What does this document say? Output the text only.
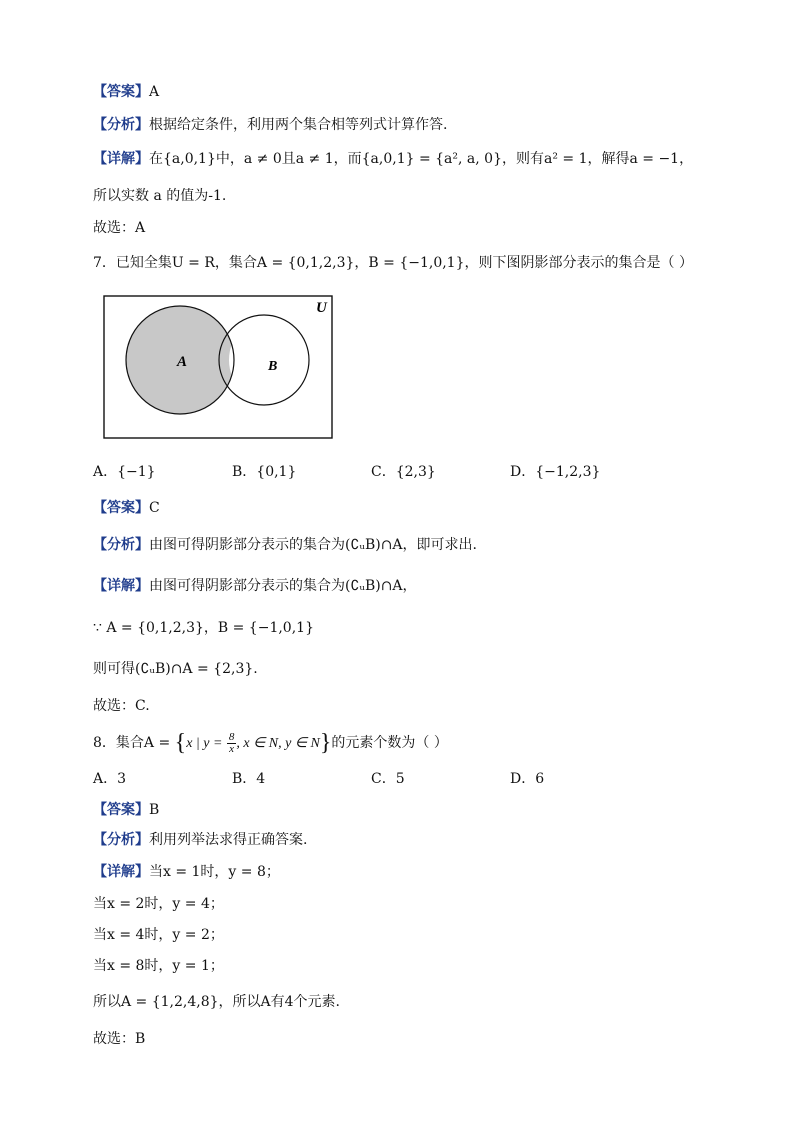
【答案】A
【分析】根据给定条件，利用两个集合相等列式计算作答.
【详解】在{a,0,1}中，a ≠ 0且a ≠ 1，而{a,0,1} = {a², a, 0}，则有a² = 1，解得a = −1，
所以实数 a 的值为-1.
故选：A
7．已知全集U = R，集合A = {0,1,2,3}，B = {−1,0,1}，则下图阴影部分表示的集合是（ ）
U
A	B
A．{−1}	B．{0,1}	C．{2,3}	D．{−1,2,3}
【答案】C
【分析】由图可得阴影部分表示的集合为(∁ᵤB)∩A，即可求出.
【详解】由图可得阴影部分表示的集合为(∁ᵤB)∩A，
∵ A = {0,1,2,3}，B = {−1,0,1}
则可得(∁ᵤB)∩A = {2,3}.
故选：C.
8．集合A = {x | $y = \frac{8}{x}$ , x ∈ N, y ∈ N}的元素个数为（ ）
A．3	B．4	C．5	D．6
【答案】B
【分析】利用列举法求得正确答案.
【详解】当x = 1时，y = 8；
当x = 2时，y = 4；
当x = 4时，y = 2；
当x = 8时，y = 1；
所以A = {1,2,4,8}，所以A有4个元素.
故选：B
